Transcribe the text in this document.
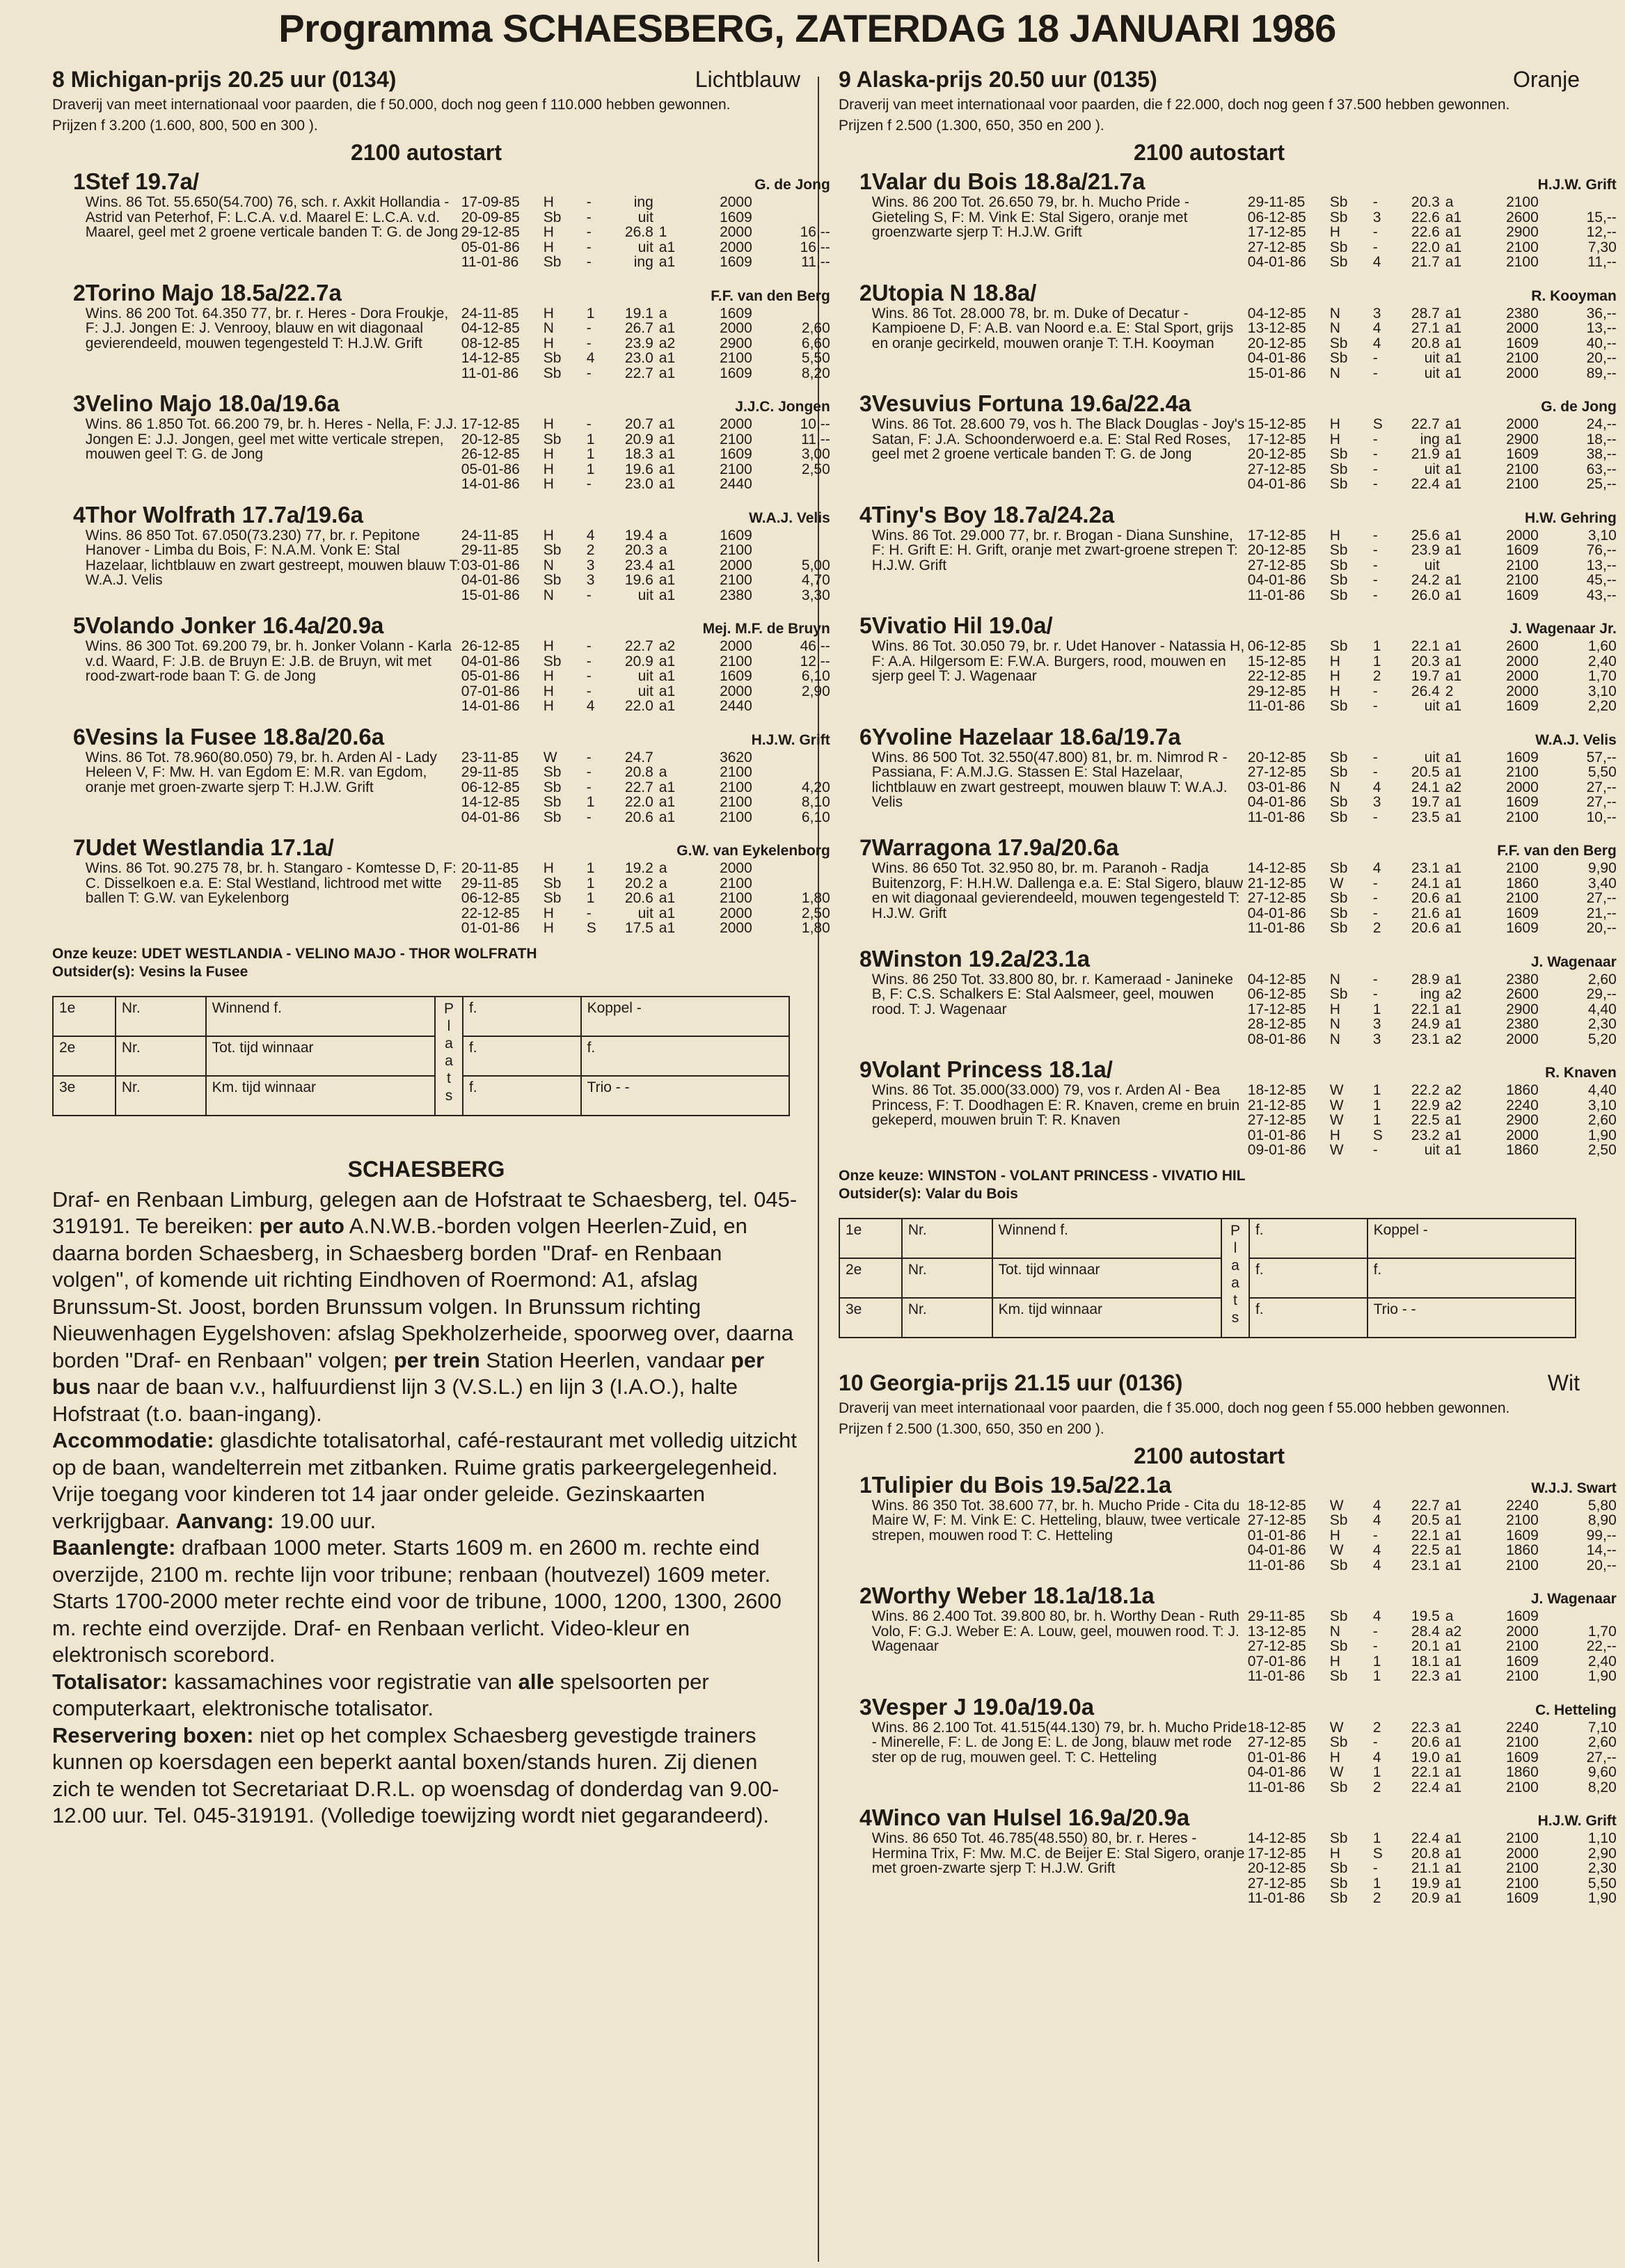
Programma SCHAESBERG, ZATERDAG 18 JANUARI 1986
8 Michigan-prijs 20.25 uur (0134)	Lichtblauw
Draverij van meet internationaal voor paarden, die f 50.000, doch nog geen f 110.000 hebben gewonnen.
Prijzen f 3.200 (1.600, 800, 500 en 300 ).
2100 autostart
1 Stef 19.7a/	G. de Jong
Wins. 86 Tot. 55.650(54.700) 76, sch. r. Axkit Hollandia - Astrid van Peterhof, F: L.C.A. v.d. Maarel E: L.C.A. v.d. Maarel, geel met 2 groene verticale banden T: G. de Jong
17-09-85	H	-	ing	2000
20-09-85	Sb	-	uit	1609
29-12-85	H	-	26.8 1	2000	16,--
05-01-86	H	-	uit a1	2000	16,--
11-01-86	Sb	-	ing a1	1609	11,--
2 Torino Majo 18.5a/22.7a	F.F. van den Berg
Wins. 86 200 Tot. 64.350 77, br. r. Heres - Dora Froukje, F: J.J. Jongen E: J. Venrooy, blauw en wit diagonaal gevierendeeld, mouwen tegengesteld T: H.J.W. Grift
24-11-85	H	1	19.1 a	1609
04-12-85	N	-	26.7 a1	2000	2,60
08-12-85	H	-	23.9 a2	2900	6,60
14-12-85	Sb	4	23.0 a1	2100	5,50
11-01-86	Sb	-	22.7 a1	1609	8,20
3 Velino Majo 18.0a/19.6a	J.J.C. Jongen
Wins. 86 1.850 Tot. 66.200 79, br. h. Heres - Nella, F: J.J. Jongen E: J.J. Jongen, geel met witte verticale strepen, mouwen geel T: G. de Jong
17-12-85	H	-	20.7 a1	2000	10,--
20-12-85	Sb	1	20.9 a1	2100	11,--
26-12-85	H	1	18.3 a1	1609	3,00
05-01-86	H	1	19.6 a1	2100	2,50
14-01-86	H	-	23.0 a1	2440
4 Thor Wolfrath 17.7a/19.6a	W.A.J. Velis
Wins. 86 850 Tot. 67.050(73.230) 77, br. r. Pepitone Hanover - Limba du Bois, F: N.A.M. Vonk E: Stal Hazelaar, lichtblauw en zwart gestreept, mouwen blauw T: W.A.J. Velis
24-11-85	H	4	19.4 a	1609
29-11-85	Sb	2	20.3 a	2100
03-01-86	N	3	23.4 a1	2000	5,00
04-01-86	Sb	3	19.6 a1	2100	4,70
15-01-86	N	-	uit a1	2380	3,30
5 Volando Jonker 16.4a/20.9a	Mej. M.F. de Bruyn
Wins. 86 300 Tot. 69.200 79, br. h. Jonker Volann - Karla v.d. Waard, F: J.B. de Bruyn E: J.B. de Bruyn, wit met rood-zwart-rode baan T: G. de Jong
26-12-85	H	-	22.7 a2	2000	46,--
04-01-86	Sb	-	20.9 a1	2100	12,--
05-01-86	H	-	uit a1	1609	6,10
07-01-86	H	-	uit a1	2000	2,90
14-01-86	H	4	22.0 a1	2440
6 Vesins la Fusee 18.8a/20.6a	H.J.W. Grift
Wins. 86 Tot. 78.960(80.050) 79, br. h. Arden Al - Lady Heleen V, F: Mw. H. van Egdom E: M.R. van Egdom, oranje met groen-zwarte sjerp T: H.J.W. Grift
23-11-85	W	-	24.7	3620
29-11-85	Sb	-	20.8 a	2100
06-12-85	Sb	-	22.7 a1	2100	4,20
14-12-85	Sb	1	22.0 a1	2100	8,10
04-01-86	Sb	-	20.6 a1	2100	6,10
7 Udet Westlandia 17.1a/	G.W. van Eykelenborg
Wins. 86 Tot. 90.275 78, br. h. Stangaro - Komtesse D, F: C. Disselkoen e.a. E: Stal Westland, lichtrood met witte ballen T: G.W. van Eykelenborg
20-11-85	H	1	19.2 a	2000
29-11-85	Sb	1	20.2 a	2100
06-12-85	Sb	1	20.6 a1	2100	1,80
22-12-85	H	-	uit a1	2000	2,50
01-01-86	H	S	17.5 a1	2000	1,80
Onze keuze: UDET WESTLANDIA - VELINO MAJO - THOR WOLFRATH
Outsider(s): Vesins la Fusee
1e	Nr.	Winnend f.	P l a a t s	f.	Koppel -
2e	Nr.	Tot. tijd winnaar		f.	f.
3e	Nr.	Km. tijd winnaar		f.	Trio - -
SCHAESBERG
Draf- en Renbaan Limburg, gelegen aan de Hofstraat te Schaesberg, tel. 045-319191. Te bereiken: per auto A.N.W.B.-borden volgen Heerlen-Zuid, en daarna borden Schaesberg, in Schaesberg borden "Draf- en Renbaan volgen", of komende uit richting Eindhoven of Roermond: A1, afslag Brunssum-St. Joost, borden Brunssum volgen. In Brunssum richting Nieuwenhagen Eygelshoven: afslag Spekholzerheide, spoorweg over, daarna borden "Draf- en Renbaan" volgen; per trein Station Heerlen, vandaar per bus naar de baan v.v., halfuurdienst lijn 3 (V.S.L.) en lijn 3 (I.A.O.), halte Hofstraat (t.o. baan-ingang).
Accommodatie: glasdichte totalisatorhal, café-restaurant met volledig uitzicht op de baan, wandelterrein met zitbanken. Ruime gratis parkeergelegenheid. Vrije toegang voor kinderen tot 14 jaar onder geleide. Gezinskaarten verkrijgbaar. Aanvang: 19.00 uur.
Baanlengte: drafbaan 1000 meter. Starts 1609 m. en 2600 m. rechte eind overzijde, 2100 m. rechte lijn voor tribune; renbaan (houtvezel) 1609 meter. Starts 1700-2000 meter rechte eind voor de tribune, 1000, 1200, 1300, 2600 m. rechte eind overzijde. Draf- en Renbaan verlicht. Video-kleur en elektronisch scorebord.
Totalisator: kassamachines voor registratie van alle spelsoorten per computerkaart, elektronische totalisator.
Reservering boxen: niet op het complex Schaesberg gevestigde trainers kunnen op koersdagen een beperkt aantal boxen/stands huren. Zij dienen zich te wenden tot Secretariaat D.R.L. op woensdag of donderdag van 9.00-12.00 uur. Tel. 045-319191. (Volledige toewijzing wordt niet gegarandeerd).
9 Alaska-prijs 20.50 uur (0135)	Oranje
Draverij van meet internationaal voor paarden, die f 22.000, doch nog geen f 37.500 hebben gewonnen.
Prijzen f 2.500 (1.300, 650, 350 en 200 ).
2100 autostart
1 Valar du Bois 18.8a/21.7a	H.J.W. Grift
Wins. 86 200 Tot. 26.650 79, br. h. Mucho Pride - Gieteling S, F: M. Vink E: Stal Sigero, oranje met groenzwarte sjerp T: H.J.W. Grift
29-11-85	Sb	-	20.3 a	2100
06-12-85	Sb	3	22.6 a1	2600	15,--
17-12-85	H	-	22.6 a1	2900	12,--
27-12-85	Sb	-	22.0 a1	2100	7,30
04-01-86	Sb	4	21.7 a1	2100	11,--
2 Utopia N 18.8a/	R. Kooyman
Wins. 86 Tot. 28.000 78, br. m. Duke of Decatur - Kampioene D, F: A.B. van Noord e.a. E: Stal Sport, grijs en oranje gecirkeld, mouwen oranje T: T.H. Kooyman
04-12-85	N	3	28.7 a1	2380	36,--
13-12-85	N	4	27.1 a1	2000	13,--
20-12-85	Sb	4	20.8 a1	1609	40,--
04-01-86	Sb	-	uit a1	2100	20,--
15-01-86	N	-	uit a1	2000	89,--
3 Vesuvius Fortuna 19.6a/22.4a	G. de Jong
Wins. 86 Tot. 28.600 79, vos h. The Black Douglas - Joy's Satan, F: J.A. Schoonderwoerd e.a. E: Stal Red Roses, geel met 2 groene verticale banden T: G. de Jong
15-12-85	H	S	22.7 a1	2000	24,--
17-12-85	H	-	ing a1	2900	18,--
20-12-85	Sb	-	21.9 a1	1609	38,--
27-12-85	Sb	-	uit a1	2100	63,--
04-01-86	Sb	-	22.4 a1	2100	25,--
4 Tiny's Boy 18.7a/24.2a	H.W. Gehring
Wins. 86 Tot. 29.000 77, br. r. Brogan - Diana Sunshine, F: H. Grift E: H. Grift, oranje met zwart-groene strepen T: H.J.W. Grift
17-12-85	H	-	25.6 a1	2000	3,10
20-12-85	Sb	-	23.9 a1	1609	76,--
27-12-85	Sb	-	uit	2100	13,--
04-01-86	Sb	-	24.2 a1	2100	45,--
11-01-86	Sb	-	26.0 a1	1609	43,--
5 Vivatio Hil 19.0a/	J. Wagenaar Jr.
Wins. 86 Tot. 30.050 79, br. r. Udet Hanover - Natassia H, F: A.A. Hilgersom E: F.W.A. Burgers, rood, mouwen en sjerp geel T: J. Wagenaar
06-12-85	Sb	1	22.1 a1	2600	1,60
15-12-85	H	1	20.3 a1	2000	2,40
22-12-85	H	2	19.7 a1	2000	1,70
29-12-85	H	-	26.4 2	2000	3,10
11-01-86	Sb	-	uit a1	1609	2,20
6 Yvoline Hazelaar 18.6a/19.7a	W.A.J. Velis
Wins. 86 500 Tot. 32.550(47.800) 81, br. m. Nimrod R - Passiana, F: A.M.J.G. Stassen E: Stal Hazelaar, lichtblauw en zwart gestreept, mouwen blauw T: W.A.J. Velis
20-12-85	Sb	-	uit a1	1609	57,--
27-12-85	Sb	-	20.5 a1	2100	5,50
03-01-86	N	4	24.1 a2	2000	27,--
04-01-86	Sb	3	19.7 a1	1609	27,--
11-01-86	Sb	-	23.5 a1	2100	10,--
7 Warragona 17.9a/20.6a	F.F. van den Berg
Wins. 86 650 Tot. 32.950 80, br. m. Paranoh - Radja Buitenzorg, F: H.H.W. Dallenga e.a. E: Stal Sigero, blauw en wit diagonaal gevierendeeld, mouwen tegengesteld T: H.J.W. Grift
14-12-85	Sb	4	23.1 a1	2100	9,90
21-12-85	W	-	24.1 a1	1860	3,40
27-12-85	Sb	-	20.6 a1	2100	27,--
04-01-86	Sb	-	21.6 a1	1609	21,--
11-01-86	Sb	2	20.6 a1	1609	20,--
8 Winston 19.2a/23.1a	J. Wagenaar
Wins. 86 250 Tot. 33.800 80, br. r. Kameraad - Janineke B, F: C.S. Schalkers E: Stal Aalsmeer, geel, mouwen rood. T: J. Wagenaar
04-12-85	N	-	28.9 a1	2380	2,60
06-12-85	Sb	-	ing a2	2600	29,--
17-12-85	H	1	22.1 a1	2900	4,40
28-12-85	N	3	24.9 a1	2380	2,30
08-01-86	N	3	23.1 a2	2000	5,20
9 Volant Princess 18.1a/	R. Knaven
Wins. 86 Tot. 35.000(33.000) 79, vos r. Arden Al - Bea Princess, F: T. Doodhagen E: R. Knaven, creme en bruin gekeperd, mouwen bruin T: R. Knaven
18-12-85	W	1	22.2 a2	1860	4,40
21-12-85	W	1	22.9 a2	2240	3,10
27-12-85	W	1	22.5 a1	2900	2,60
01-01-86	H	S	23.2 a1	2000	1,90
09-01-86	W	-	uit a1	1860	2,50
Onze keuze: WINSTON - VOLANT PRINCESS - VIVATIO HIL
Outsider(s): Valar du Bois
1e	Nr.	Winnend f.	P l a a t s	f.	Koppel -
2e	Nr.	Tot. tijd winnaar		f.	f.
3e	Nr.	Km. tijd winnaar		f.	Trio - -
10 Georgia-prijs 21.15 uur (0136)	Wit
Draverij van meet internationaal voor paarden, die f 35.000, doch nog geen f 55.000 hebben gewonnen.
Prijzen f 2.500 (1.300, 650, 350 en 200 ).
2100 autostart
1 Tulipier du Bois 19.5a/22.1a	W.J.J. Swart
Wins. 86 350 Tot. 38.600 77, br. h. Mucho Pride - Cita du Maire W, F: M. Vink E: C. Hetteling, blauw, twee verticale strepen, mouwen rood T: C. Hetteling
18-12-85	W	4	22.7 a1	2240	5,80
27-12-85	Sb	4	20.5 a1	2100	8,90
01-01-86	H	-	22.1 a1	1609	99,--
04-01-86	W	4	22.5 a1	1860	14,--
11-01-86	Sb	4	23.1 a1	2100	20,--
2 Worthy Weber 18.1a/18.1a	J. Wagenaar
Wins. 86 2.400 Tot. 39.800 80, br. h. Worthy Dean - Ruth Volo, F: G.J. Weber E: A. Louw, geel, mouwen rood. T: J. Wagenaar
29-11-85	Sb	4	19.5 a	1609
13-12-85	N	-	28.4 a2	2000	1,70
27-12-85	Sb	-	20.1 a1	2100	22,--
07-01-86	H	1	18.1 a1	1609	2,40
11-01-86	Sb	1	22.3 a1	2100	1,90
3 Vesper J 19.0a/19.0a	C. Hetteling
Wins. 86 2.100 Tot. 41.515(44.130) 79, br. h. Mucho Pride - Minerelle, F: L. de Jong E: L. de Jong, blauw met rode ster op de rug, mouwen geel. T: C. Hetteling
18-12-85	W	2	22.3 a1	2240	7,10
27-12-85	Sb	-	20.6 a1	2100	2,60
01-01-86	H	4	19.0 a1	1609	27,--
04-01-86	W	1	22.1 a1	1860	9,60
11-01-86	Sb	2	22.4 a1	2100	8,20
4 Winco van Hulsel 16.9a/20.9a	H.J.W. Grift
Wins. 86 650 Tot. 46.785(48.550) 80, br. r. Heres - Hermina Trix, F: Mw. M.C. de Beijer E: Stal Sigero, oranje met groen-zwarte sjerp T: H.J.W. Grift
14-12-85	Sb	1	22.4 a1	2100	1,10
17-12-85	H	S	20.8 a1	2000	2,90
20-12-85	Sb	-	21.1 a1	2100	2,30
27-12-85	Sb	1	19.9 a1	2100	5,50
11-01-86	Sb	2	20.9 a1	1609	1,90
